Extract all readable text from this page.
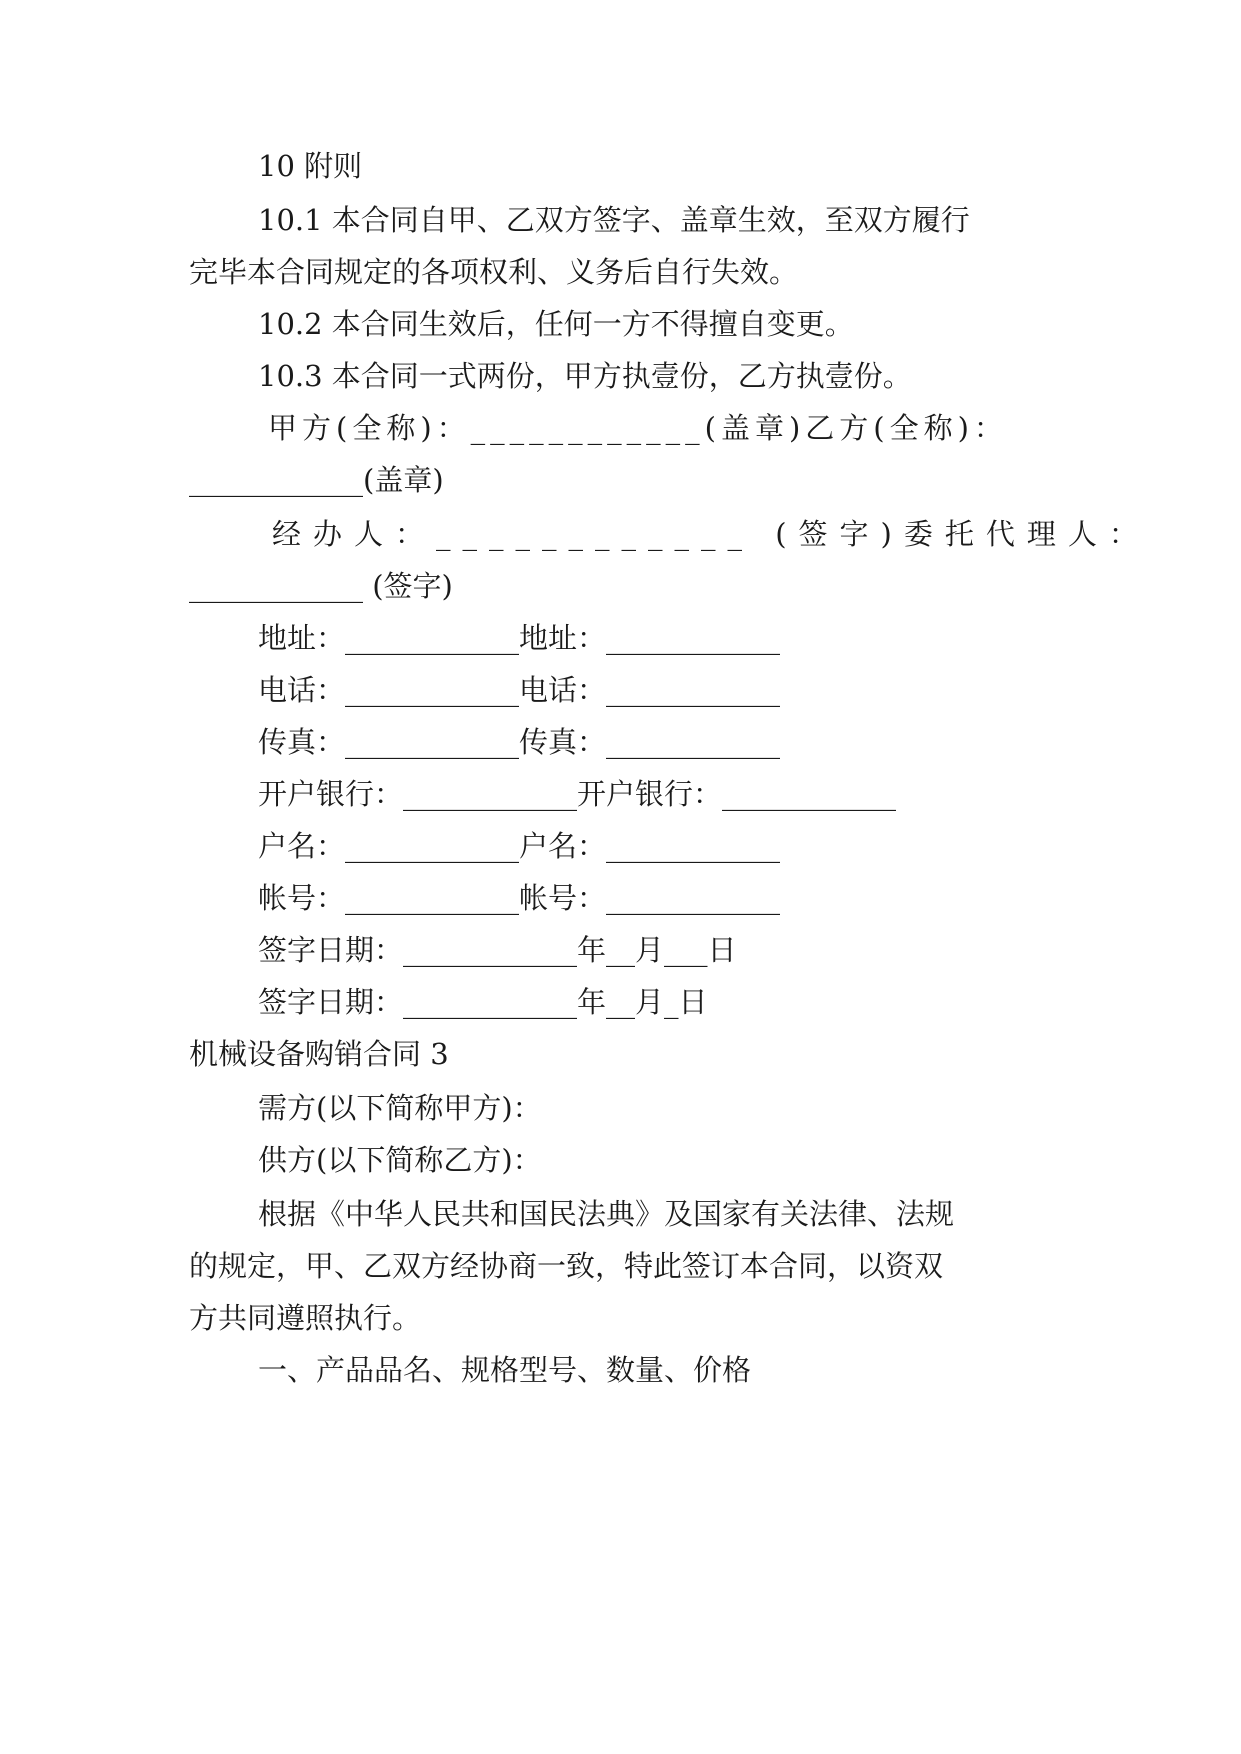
10 附则
10.1 本合同自甲、乙双方签字、盖章生效，至双方履行
完毕本合同规定的各项权利、义务后自行失效。
10.2 本合同生效后，任何一方不得擅自变更。
10.3 本合同一式两份，甲方执壹份，乙方执壹份。
甲方(全称)：____________(盖章)乙方(全称)：
____________(盖章)
经办人：____________ (签字)委托代理人：
____________ (签字)
地址：____________地址：____________
电话：____________电话：____________
传真：____________传真：____________
开户银行：____________开户银行：____________
户名：____________户名：____________
帐号：____________帐号：____________
签字日期：____________年__月___日
签字日期：____________年__月_日
机械设备购销合同 3
需方(以下简称甲方)：
供方(以下简称乙方)：
根据《中华人民共和国民法典》及国家有关法律、法规
的规定，甲、乙双方经协商一致，特此签订本合同，以资双
方共同遵照执行。
一、产品品名、规格型号、数量、价格
